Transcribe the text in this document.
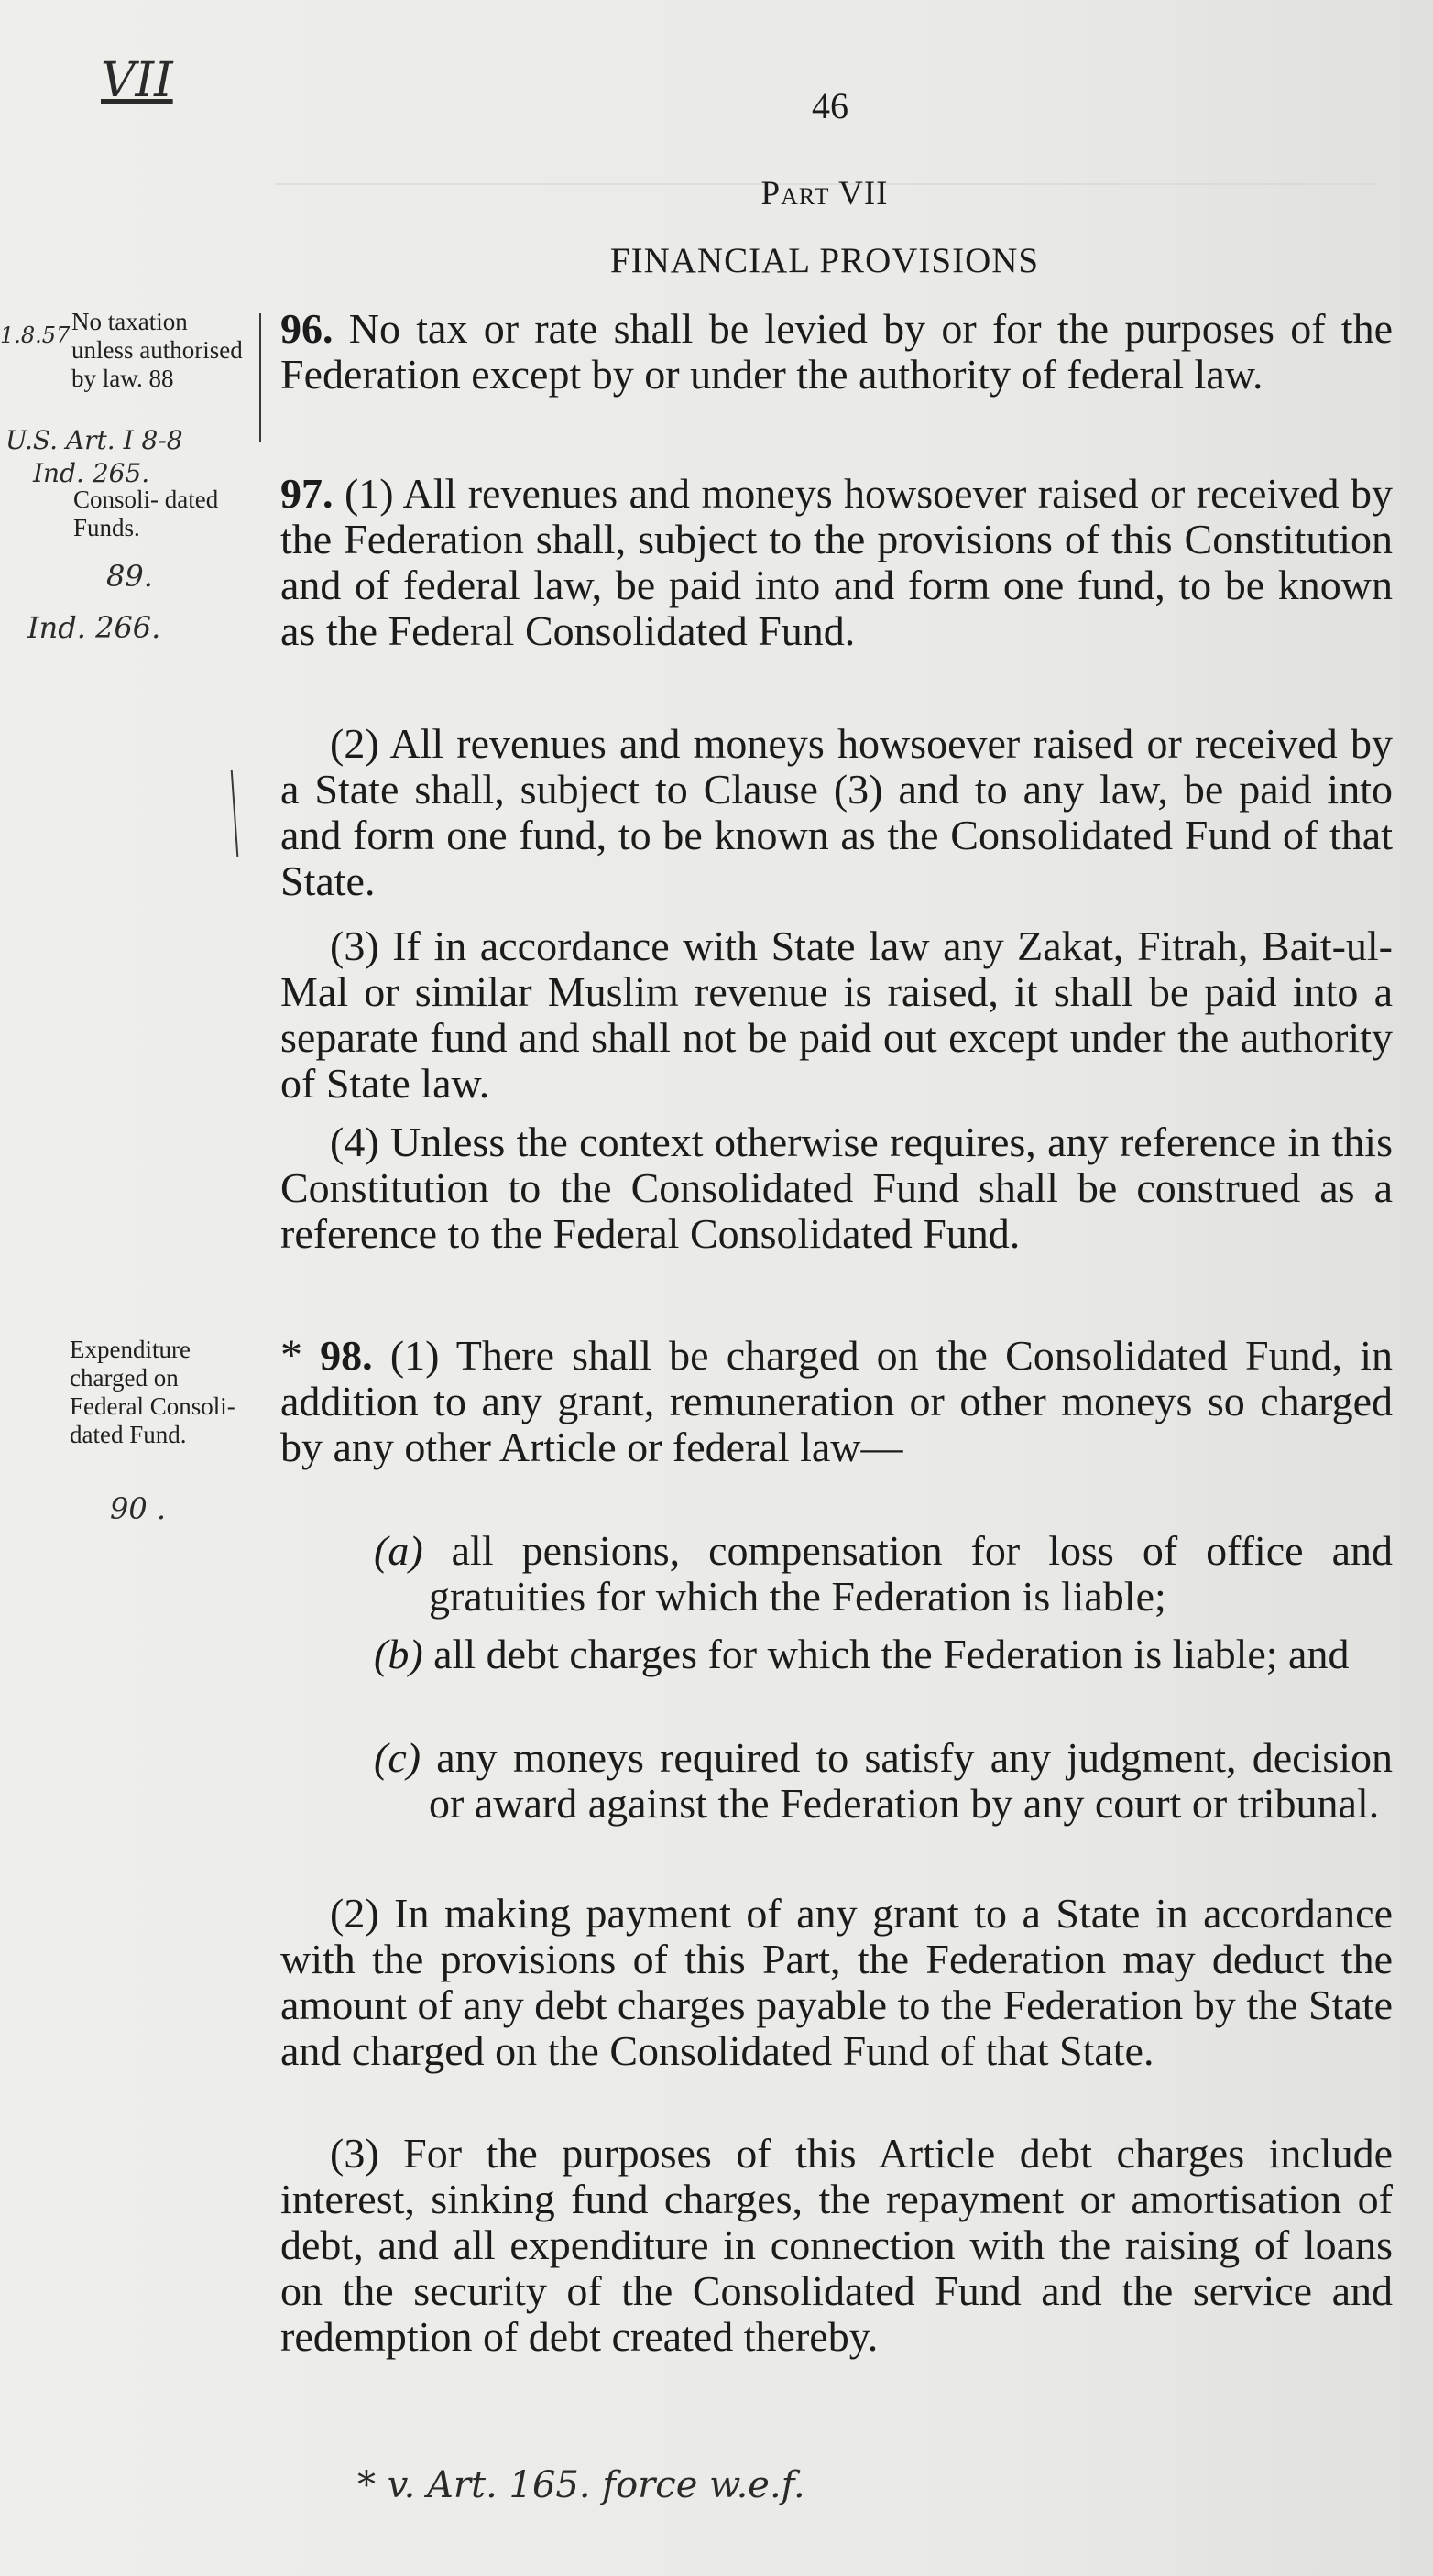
VII
1.8.57
U.S. Art. I 8-8
Ind. 265.
89.
Ind. 266.
90 .
* v. Art. 165. force w.e.f.
46
Part VII
FINANCIAL PROVISIONS
No taxation unless authorised by law. 88
Consoli- dated Funds.
Expenditure charged on Federal Consoli- dated Fund.
96. No tax or rate shall be levied by or for the purposes of the Federation except by or under the authority of federal law.
97. (1) All revenues and moneys howsoever raised or received by the Federation shall, subject to the provisions of this Constitution and of federal law, be paid into and form one fund, to be known as the Federal Consolidated Fund.
(2) All revenues and moneys howsoever raised or received by a State shall, subject to Clause (3) and to any law, be paid into and form one fund, to be known as the Consolidated Fund of that State.
(3) If in accordance with State law any Zakat, Fitrah, Bait-ul-Mal or similar Muslim revenue is raised, it shall be paid into a separate fund and shall not be paid out except under the authority of State law.
(4) Unless the context otherwise requires, any reference in this Constitution to the Consolidated Fund shall be construed as a reference to the Federal Consolidated Fund.
* 98. (1) There shall be charged on the Consolidated Fund, in addition to any grant, remuneration or other moneys so charged by any other Article or federal law—
(a) all pensions, compensation for loss of office and gratuities for which the Federation is liable;
(b) all debt charges for which the Federation is liable; and
(c) any moneys required to satisfy any judgment, decision or award against the Federation by any court or tribunal.
(2) In making payment of any grant to a State in accordance with the provisions of this Part, the Federation may deduct the amount of any debt charges payable to the Federation by the State and charged on the Consolidated Fund of that State.
(3) For the purposes of this Article debt charges include interest, sinking fund charges, the repayment or amortisation of debt, and all expenditure in connection with the raising of loans on the security of the Consolidated Fund and the service and redemption of debt created thereby.
